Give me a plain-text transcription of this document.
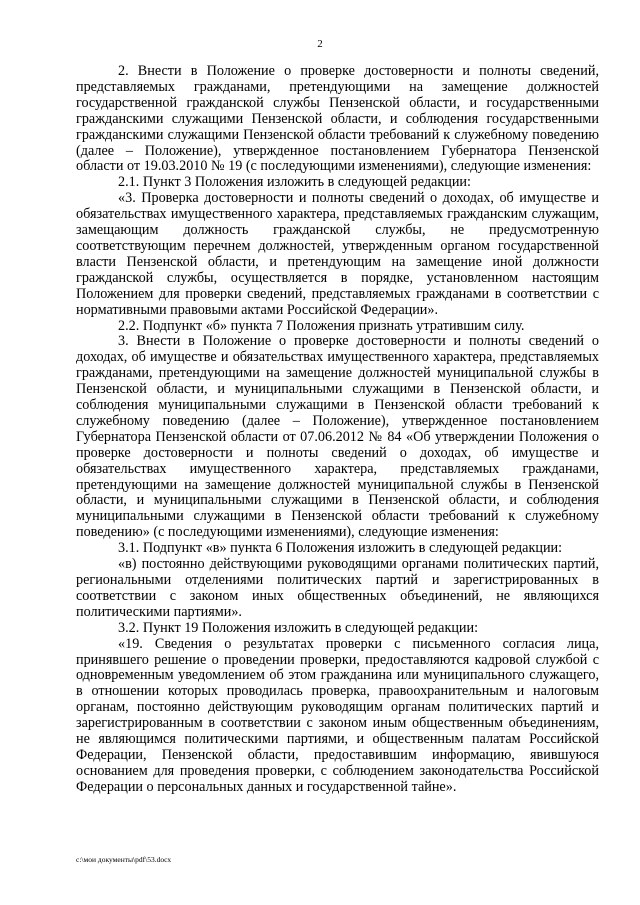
2

2. Внести в Положение о проверке достоверности и полноты сведений, представляемых гражданами, претендующими на замещение должностей государственной гражданской службы Пензенской области, и государственными гражданскими служащими Пензенской области, и соблюдения государственными гражданскими служащими Пензенской области требований к служебному поведению (далее – Положение), утвержденное постановлением Губернатора Пензенской области от 19.03.2010 № 19 (с последующими изменениями), следующие изменения:

2.1. Пункт 3 Положения изложить в следующей редакции:

«3. Проверка достоверности и полноты сведений о доходах, об имуществе и обязательствах имущественного характера, представляемых гражданским служащим, замещающим должность гражданской службы, не предусмотренную соответствующим перечнем должностей, утвержденным органом государственной власти Пензенской области, и претендующим на замещение иной должности гражданской службы, осуществляется в порядке, установленном настоящим Положением для проверки сведений, представляемых гражданами в соответствии с нормативными правовыми актами Российской Федерации».

2.2. Подпункт «б» пункта 7 Положения признать утратившим силу.

3. Внести в Положение о проверке достоверности и полноты сведений о доходах, об имуществе и обязательствах имущественного характера, представляемых гражданами, претендующими на замещение должностей муниципальной службы в Пензенской области, и муниципальными служащими в Пензенской области, и соблюдения муниципальными служащими в Пензенской области требований к служебному поведению (далее – Положение), утвержденное постановлением Губернатора Пензенской области от 07.06.2012 № 84 «Об утверждении Положения о проверке достоверности и полноты сведений о доходах, об имуществе и обязательствах имущественного характера, представляемых гражданами, претендующими на замещение должностей муниципальной службы в Пензенской области, и муниципальными служащими в Пензенской области, и соблюдения муниципальными служащими в Пензенской области требований к служебному поведению» (с последующими изменениями), следующие изменения:

3.1. Подпункт «в» пункта 6 Положения изложить в следующей редакции:

«в) постоянно действующими руководящими органами политических партий, региональными отделениями политических партий и зарегистрированных в соответствии с законом иных общественных объединений, не являющихся политическими партиями».

3.2. Пункт 19 Положения изложить в следующей редакции:

«19. Сведения о результатах проверки с письменного согласия лица, принявшего решение о проведении проверки, предоставляются кадровой службой с одновременным уведомлением об этом гражданина или муниципального служащего, в отношении которых проводилась проверка, правоохранительным и налоговым органам, постоянно действующим руководящим органам политических партий и зарегистрированным в соответствии с законом иным общественным объединениям, не являющимся политическими партиями, и общественным палатам Российской Федерации, Пензенской области, предоставившим информацию, явившуюся основанием для проведения проверки, с соблюдением законодательства Российской Федерации о персональных данных и государственной тайне».

c:\мои документы\pdf\53.docx
